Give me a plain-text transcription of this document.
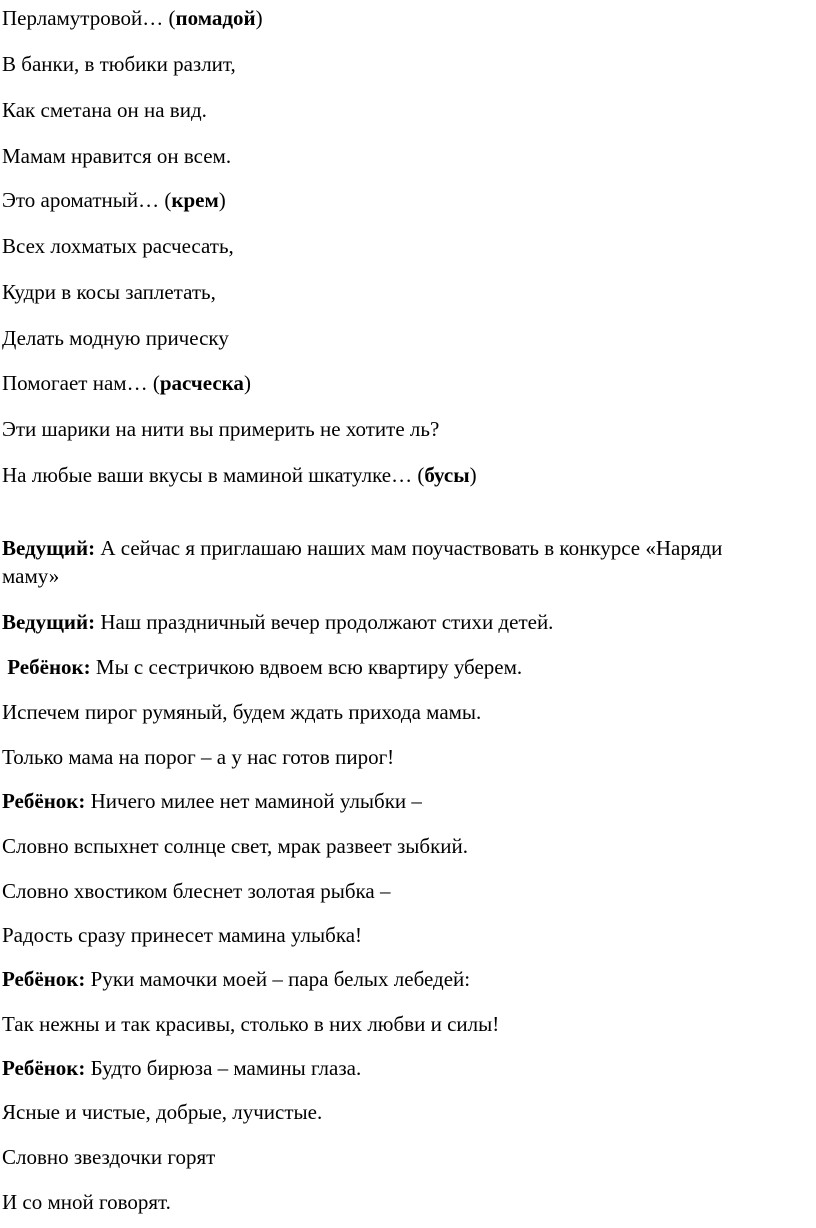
Перламутровой… (помадой)
В банки, в тюбики разлит,
Как сметана он на вид.
Мамам нравится он всем.
Это ароматный… (крем)
Всех лохматых расчесать,
Кудри в косы заплетать,
Делать модную прическу
Помогает нам… (расческа)
Эти шарики на нити вы примерить не хотите ль?
На любые ваши вкусы в маминой шкатулке… (бусы)
Ведущий: А сейчас я приглашаю наших мам поучаствовать в конкурсе «Наряди маму»
Ведущий: Наш праздничный вечер продолжают стихи детей.
Ребёнок: Мы с сестричкою вдвоем всю квартиру уберем.
Испечем пирог румяный, будем ждать прихода мамы.
Только мама на порог – а у нас готов пирог!
Ребёнок: Ничего милее нет маминой улыбки –
Словно вспыхнет солнце свет, мрак развеет зыбкий.
Словно хвостиком блеснет золотая рыбка –
Радость сразу принесет мамина улыбка!
Ребёнок: Руки мамочки моей – пара белых лебедей:
Так нежны и так красивы, столько в них любви и силы!
Ребёнок: Будто бирюза – мамины глаза.
Ясные и чистые, добрые, лучистые.
Словно звездочки горят
И со мной говорят.
